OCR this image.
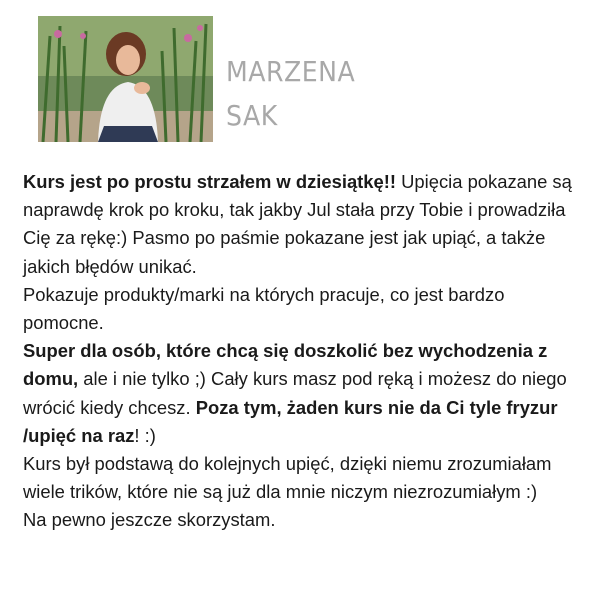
MARZENA
SAK

Kurs jest po prostu strzałem w dziesiątkę!! Upięcia pokazane są naprawdę krok po kroku, tak jakby Jul stała przy Tobie i prowadziła Cię za rękę:) Pasmo po paśmie pokazane jest jak upiąć, a także jakich błędów unikać.

Pokazuje produkty/marki na których pracuje, co jest bardzo pomocne.

Super dla osób, które chcą się doszkolić bez wychodzenia z domu, ale i nie tylko ;) Cały kurs masz pod ręką i możesz do niego wrócić kiedy chcesz. Poza tym, żaden kurs nie da Ci tyle fryzur /upięć na raz! :)

Kurs był podstawą do kolejnych upięć, dzięki niemu zrozumiałam wiele trików, które nie są już dla mnie niczym niezrozumiałym :)

Na pewno jeszcze skorzystam.
